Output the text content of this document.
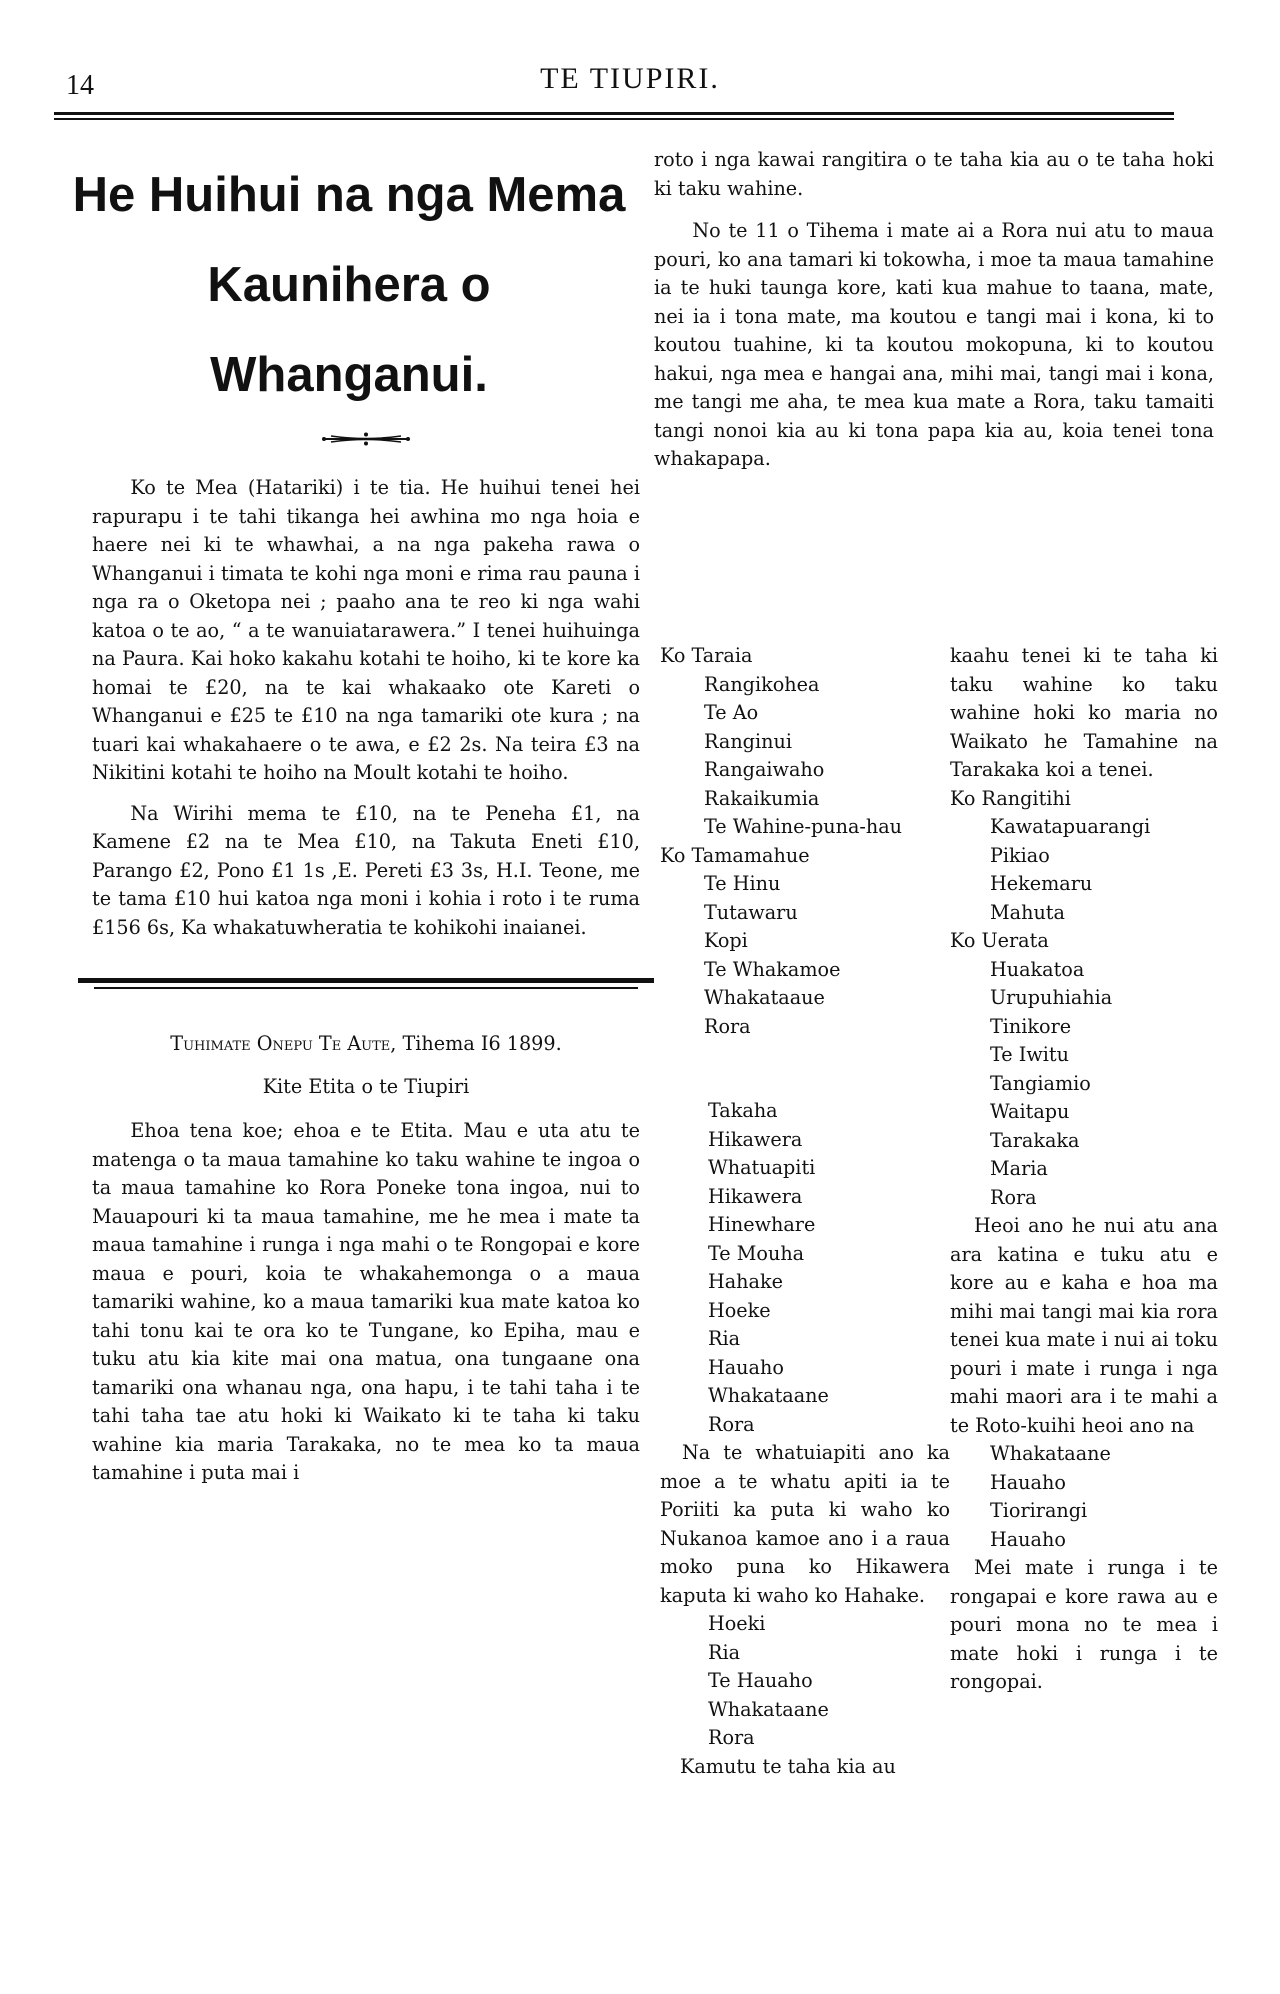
14	TE TIUPIRI.
He Huihui na nga Mema
Kaunihera o
Whanganui.

Ko te Mea (Hatariki) i te tia. He huihui tenei hei rapurapu i te tahi tikanga hei awhina mo nga hoia e haere nei ki te whawhai, a na nga pakeha rawa o Whanganui i timata te kohi nga moni e rima rau pauna i nga ra o Oketopa nei ; paaho ana te reo ki nga wahi katoa o te ao, “ a te wanuiatarawera.” I tenei huihuinga na Paura. Kai hoko kakahu kotahi te hoiho, ki te kore ka homai te £20, na te kai whakaako ote Kareti o Whanganui e £25 te £10 na nga tamariki ote kura ; na tuari kai whakahaere o te awa, e £2 2s. Na teira £3 na Nikitini kotahi te hoiho na Moult kotahi te hoiho.

Na Wirihi mema te £10, na te Peneha £1, na Kamene £2 na te Mea £10, na Takuta Eneti £10, Parango £2, Pono £1 1s ,E. Pereti £3 3s, H.I. Teone, me te tama £10 hui katoa nga moni i kohia i roto i te ruma £156 6s, Ka whakatuwheratia te kohikohi inaianei.

Tuhimate Onepu Te Aute, Tihema I6 1899.
Kite Etita o te Tiupiri

Ehoa tena koe; ehoa e te Etita. Mau e uta atu te matenga o ta maua tamahine ko taku wahine te ingoa o ta maua tamahine ko Rora Poneke tona ingoa, nui to Mauapouri ki ta maua tamahine, me he mea i mate ta maua tamahine i runga i nga mahi o te Rongopai e kore maua e pouri, koia te whakahemonga o a maua tamariki wahine, ko a maua tamariki kua mate katoa ko tahi tonu kai te ora ko te Tungane, ko Epiha, mau e tuku atu kia kite mai ona matua, ona tungaane ona tamariki ona whanau nga, ona hapu, i te tahi taha i te tahi taha tae atu hoki ki Waikato ki te taha ki taku wahine kia maria Tarakaka, no te mea ko ta maua tamahine i puta mai i

roto i nga kawai rangitira o te taha kia au o te taha hoki ki taku wahine.

No te 11 o Tihema i mate ai a Rora nui atu to maua pouri, ko ana tamari ki tokowha, i moe ta maua tamahine ia te huki taunga kore, kati kua mahue to taana, mate, nei ia i tona mate, ma koutou e tangi mai i kona, ki to koutou tuahine, ki ta koutou mokopuna, ki to koutou hakui, nga mea e hangai ana, mihi mai, tangi mai i kona, me tangi me aha, te mea kua mate a Rora, taku tamaiti tangi nonoi kia au ki tona papa kia au, koia tenei tona whakapapa.

Ko Taraia
Rangikohea
Te Ao
Ranginui
Rangaiwaho
Rakaikumia
Te Wahine-puna-hau
Ko Tamamahue
Te Hinu
Tutawaru
Kopi
Te Whakamoe
Whakataaue
Rora
Takaha
Hikawera
Whatuapiti
Hikawera
Hinewhare
Te Mouha
Hahake
Hoeke
Ria
Hauaho
Whakataane
Rora

Na te whatuiapiti ano ka moe a te whatu apiti ia te Poriiti ka puta ki waho ko Nukanoa kamoe ano i a raua moko puna ko Hikawera kaputa ki waho ko Hahake.

Hoeki
Ria
Te Hauaho
Whakataane
Rora
Kamutu te taha kia au

kaahu tenei ki te taha ki taku wahine ko taku wahine hoki ko maria no Waikato he Tamahine na Tarakaka koi a tenei.

Ko Rangitihi
Kawatapuarangi
Pikiao
Hekemaru
Mahuta
Ko Uerata
Huakatoa
Urupuhiahia
Tinikore
Te Iwitu
Tangiamio
Waitapu
Tarakaka
Maria
Rora

Heoi ano he nui atu ana ara katina e tuku atu e kore au e kaha e hoa ma mihi mai tangi mai kia rora tenei kua mate i nui ai toku pouri i mate i runga i nga mahi maori ara i te mahi a te Roto-kuihi heoi ano na

Whakataane
Hauaho
Tiorirangi
Hauaho

Mei mate i runga i te rongapai e kore rawa au e pouri mona no te mea i mate hoki i runga i te rongopai.
